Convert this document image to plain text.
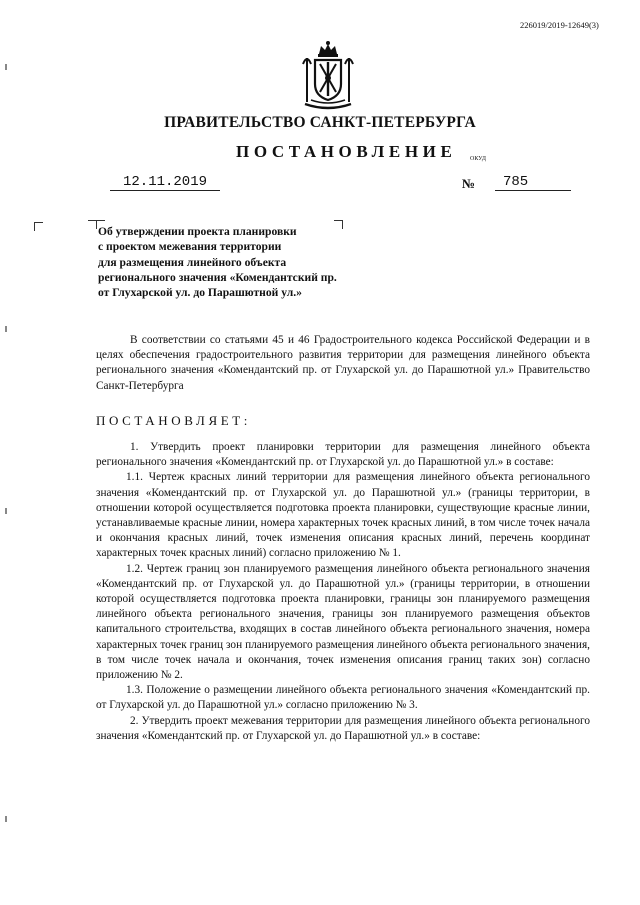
226019/2019-12649(3)
ПРАВИТЕЛЬСТВО САНКТ-ПЕТЕРБУРГА
ПОСТАНОВЛЕНИЕ ОКУД
12.11.2019	№	785
Об утверждении проекта планировки
с проектом межевания территории
для размещения линейного объекта
регионального значения «Комендантский пр.
от Глухарской ул. до Парашютной ул.»

В соответствии со статьями 45 и 46 Градостроительного кодекса Российской Федерации и в целях обеспечения градостроительного развития территории для размещения линейного объекта регионального значения «Комендантский пр. от Глухарской ул. до Парашютной ул.» Правительство Санкт-Петербурга

ПОСТАНОВЛЯЕТ:

1. Утвердить проект планировки территории для размещения линейного объекта регионального значения «Комендантский пр. от Глухарской ул. до Парашютной ул.» в составе:

1.1. Чертеж красных линий территории для размещения линейного объекта регионального значения «Комендантский пр. от Глухарской ул. до Парашютной ул.» (границы территории, в отношении которой осуществляется подготовка проекта планировки, существующие красные линии, устанавливаемые красные линии, номера характерных точек красных линий, в том числе точек начала и окончания красных линий, точек изменения описания красных линий, перечень координат характерных точек красных линий) согласно приложению № 1.

1.2. Чертеж границ зон планируемого размещения линейного объекта регионального значения «Комендантский пр. от Глухарской ул. до Парашютной ул.» (границы территории, в отношении которой осуществляется подготовка проекта планировки, границы зон планируемого размещения линейного объекта регионального значения, границы зон планируемого размещения объектов капитального строительства, входящих в состав линейного объекта регионального значения, номера характерных точек границ зон планируемого размещения линейного объекта регионального значения, в том числе точек начала и окончания, точек изменения описания границ таких зон) согласно приложению № 2.

1.3. Положение о размещении линейного объекта регионального значения «Комендантский пр. от Глухарской ул. до Парашютной ул.» согласно приложению № 3.

2. Утвердить проект межевания территории для размещения линейного объекта регионального значения «Комендантский пр. от Глухарской ул. до Парашютной ул.» в составе:
